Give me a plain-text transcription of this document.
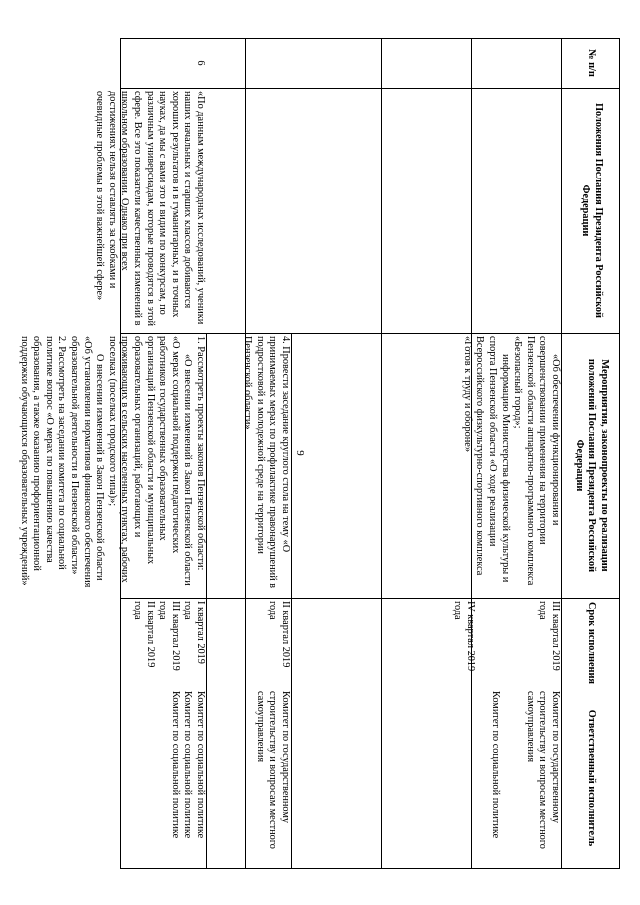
9
№ п/п
Положения Послания Президента Российской Федерации
Мероприятия, законопроекты по реализации положений Послания Президента Российской Федерации
Срок исполнения
Ответственный исполнитель

«Об обеспечении функционирования и совершенствовании применения на территории Пензенской области аппаратно-программного комплекса «Безопасный город»;

информацию Министерства физической культуры и спорта Пензенской области «О ходе реализации Всероссийского физкультурно-спортивного комплекса «Готов к труду и обороне»

III квартал 2019 года

IV квартал 2019 года

Комитет по государственному строительству и вопросам местного самоуправления

Комитет по социальной политике

4. Провести заседание круглого стола на тему «О принимаемых мерах по профилактике правонарушений в подростковой и молодежной среде на территории Пензенской области»

II квартал 2019 года

Комитет по государственному строительству и вопросам местного самоуправления

6

«По данным международных исследований, ученики наших начальных и старших классов добиваются хороших результатов и в гуманитарных, и в точных науках, да мы с вами это и видим по конкурсам, по различным универсиадам, которые проводятся в этой сфере. Все это показатели качественных изменений в школьном образовании. Однако при всех достижениях нельзя оставлять за скобками и очевидные проблемы в этой важнейшей сфере»

1. Рассмотреть проекты законов Пензенской области:

«О внесении изменений в Закон Пензенской области «О мерах социальной поддержки педагогических работников государственных образовательных организаций Пензенской области и муниципальных образовательных организаций, работающих и проживающих в сельских населенных пунктах, рабочих поселках (поселках городского типа)»;

О внесении изменений в Закон Пензенской области «Об установлении нормативов финансового обеспечения образовательной деятельности в Пензенской области»

2. Рассмотреть на заседании комитета по социальной политике вопрос «О мерах по повышению качества образования, а также оказанию профориентационной поддержки обучающихся образовательных учреждений»

I квартал 2019 года

III квартал 2019 года

II квартал 2019 года

Комитет по социальной политике

Комитет по социальной политике

Комитет по социальной политике
